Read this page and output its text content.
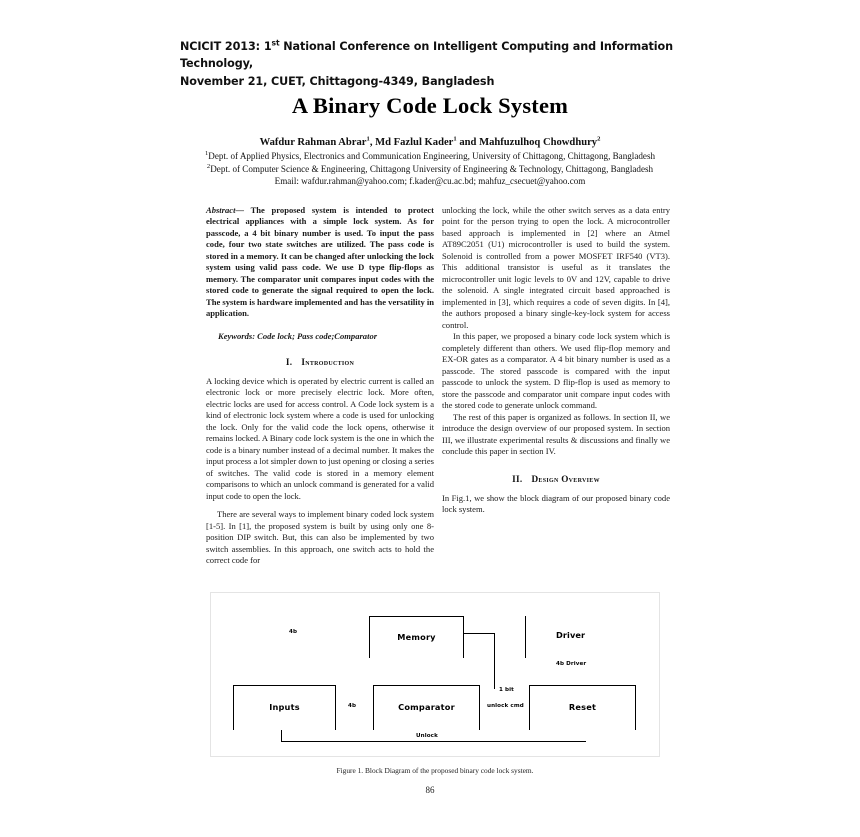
NCICIT 2013: 1st National Conference on Intelligent Computing and Information Technology,
November 21, CUET, Chittagong-4349, Bangladesh
A Binary Code Lock System
Wafdur Rahman Abrar$^1$, Md Fazlul Kader$^1$ and Mahfuzulhoq Chowdhury$^2$
$^1$Dept. of Applied Physics, Electronics and Communication Engineering, University of Chittagong, Chittagong, Bangladesh
$^2$Dept. of Computer Science & Engineering, Chittagong University of Engineering & Technology, Chittagong, Bangladesh
Email: wafdur.rahman@yahoo.com; f.kader@cu.ac.bd; mahfuz_csecuet@yahoo.com

Abstract— The proposed system is intended to protect electrical appliances with a simple lock system. As for passcode, a 4 bit binary number is used. To input the pass code, four two state switches are utilized. The pass code is stored in a memory. It can be changed after unlocking the lock system using valid pass code. We use D type flip-flops as memory. The comparator unit compares input codes with the stored code to generate the signal required to open the lock. The system is hardware implemented and has the versatility in application.

Keywords: Code lock; Pass code;Comparator

I. Introduction

A locking device which is operated by electric current is called an electronic lock or more precisely electric lock. More often, electric locks are used for access control. A Code lock system is a kind of electronic lock system where a code is used for unlocking the lock. Only for the valid code the lock opens, otherwise it remains locked. A Binary code lock system is the one in which the code is a binary number instead of a decimal number. It makes the input process a lot simpler down to just opening or closing a series of switches. The valid code is stored in a memory element comparisons to which an unlock command is generated for a valid input code to open the lock.

There are several ways to implement binary coded lock system [1-5]. In [1], the proposed system is built by using only one 8-position DIP switch. But, this can also be implemented by two switch assemblies. In this approach, one switch acts to hold the correct code for

unlocking the lock, while the other switch serves as a data entry point for the person trying to open the lock. A microcontroller based approach is implemented in [2] where an Atmel AT89C2051 (U1) microcontroller is used to build the system. Solenoid is controlled from a power MOSFET IRF540 (VT3). This additional transistor is useful as it translates the microcontroller unit logic levels to 0V and 12V, capable to drive the solenoid. A single integrated circuit based approached is implemented in [3], which requires a code of seven digits. In [4], the authors proposed a binary single-key-lock system for access control.

In this paper, we proposed a binary code lock system which is completely different than others. We used flip-flop memory and EX-OR gates as a comparator. A 4 bit binary number is used as a passcode. The stored passcode is compared with the input passcode to unlock the system. D flip-flop is used as memory to store the passcode and comparator unit compare input codes with the stored code to generate unlock command.

The rest of this paper is organized as follows. In section II, we introduce the design overview of our proposed system. In section III, we illustrate experimental results & discussions and finally we conclude this paper in section IV.

II. Design Overview

In Fig.1, we show the block diagram of our proposed binary code lock system.

Memory	Driver
Inputs	Comparator	Reset
4b
4b Driver
4b
1 bit
unlock cmd
Unlock
Figure 1. Block Diagram of the proposed binary code lock system.
86
